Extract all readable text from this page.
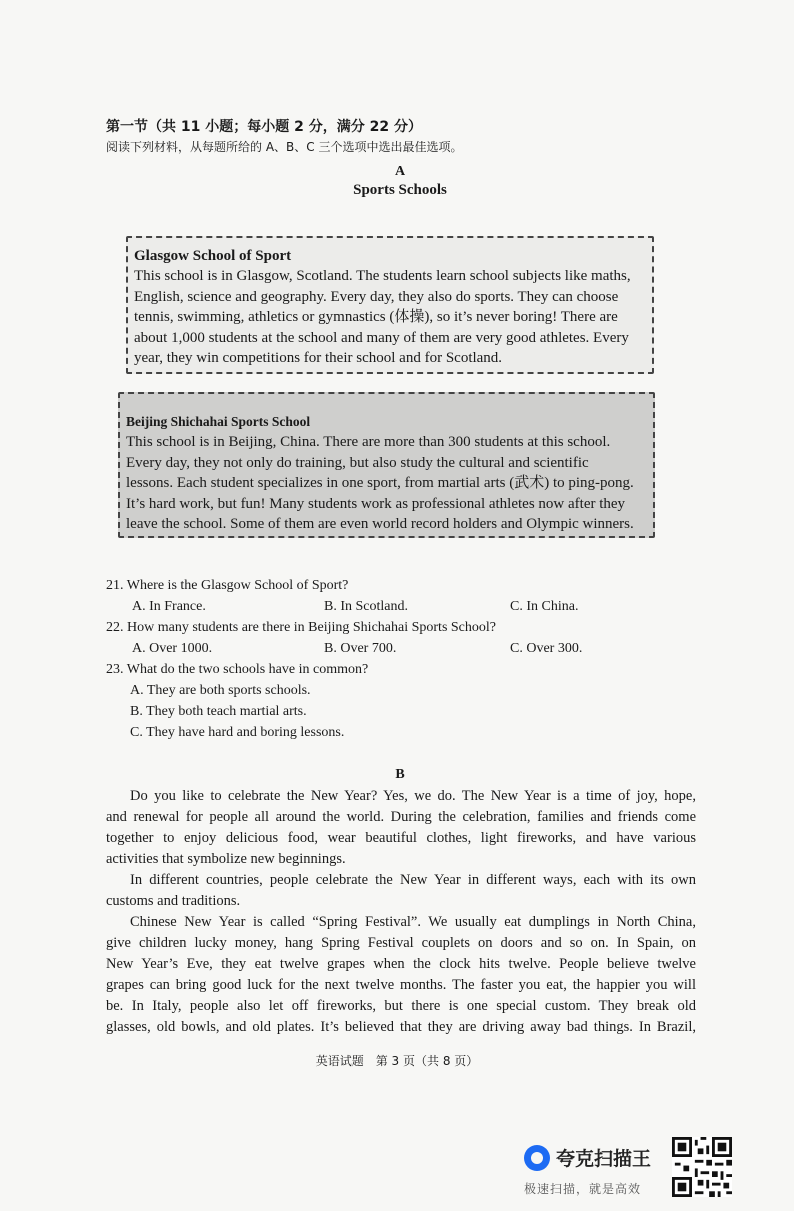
第一节（共 11 小题；每小题 2 分，满分 22 分）
阅读下列材料，从每题所给的 A、B、C 三个选项中选出最佳选项。
A
Sports Schools
Glasgow School of Sport
This school is in Glasgow, Scotland. The students learn school subjects like maths,
English, science and geography. Every day, they also do sports. They can choose
tennis, swimming, athletics or gymnastics (体操), so it’s never boring! There are
about 1,000 students at the school and many of them are very good athletes. Every
year, they win competitions for their school and for Scotland.
Beijing Shichahai Sports School
This school is in Beijing, China. There are more than 300 students at this school.
Every day, they not only do training, but also study the cultural and scientific
lessons. Each student specializes in one sport, from martial arts (武术) to ping-pong.
It’s hard work, but fun! Many students work as professional athletes now after they
leave the school. Some of them are even world record holders and Olympic winners.
21. Where is the Glasgow School of Sport?
A. In France.	B. In Scotland.	C. In China.
22. How many students are there in Beijing Shichahai Sports School?
A. Over 1000.	B. Over 700.	C. Over 300.
23. What do the two schools have in common?
A. They are both sports schools.
B. They both teach martial arts.
C. They have hard and boring lessons.
B
Do you like to celebrate the New Year? Yes, we do. The New Year is a time of joy, hope,
and renewal for people all around the world. During the celebration, families and friends come
together to enjoy delicious food, wear beautiful clothes, light fireworks, and have various
activities that symbolize new beginnings.
In different countries, people celebrate the New Year in different ways, each with its own
customs and traditions.
Chinese New Year is called “Spring Festival”. We usually eat dumplings in North China,
give children lucky money, hang Spring Festival couplets on doors and so on. In Spain, on
New Year’s Eve, they eat twelve grapes when the clock hits twelve. People believe twelve
grapes can bring good luck for the next twelve months. The faster you eat, the happier you will
be. In Italy, people also let off fireworks, but there is one special custom. They break old
glasses, old bowls, and old plates. It’s believed that they are driving away bad things. In Brazil,
英语试题　第 3 页（共 8 页）
夸克扫描王
极速扫描，就是高效
